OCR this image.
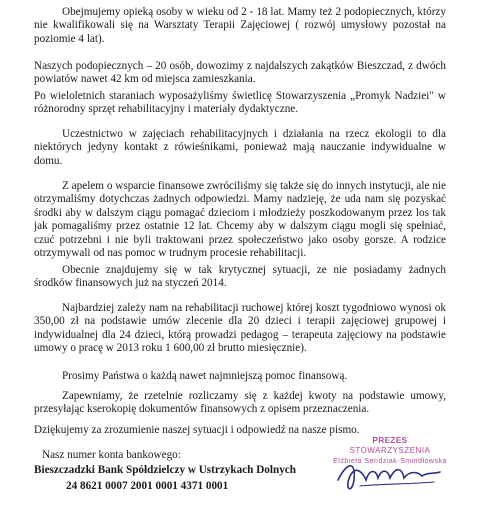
Obejmujemy opieką osoby w wieku od 2 - 18 lat. Mamy też 2 podopiecznych, którzy nie kwalifikowali się na Warsztaty Terapii Zajęciowej ( rozwój umysłowy pozostał na poziomie 4 lat).

Naszych podopiecznych – 20 osób, dowozimy z najdalszych zakątków Bieszczad, z dwóch powiatów nawet 42 km od miejsca zamieszkania.

Po wieloletnich staraniach wyposażyliśmy świetlicę Stowarzyszenia „Promyk Nadziei" w różnorodny sprzęt rehabilitacyjny i materiały dydaktyczne.

Uczestnictwo w zajęciach rehabilitacyjnych i działania na rzecz ekologii to dla niektórych jedyny kontakt z rówieśnikami, ponieważ mają nauczanie indywidualne w domu.

Z apelem o wsparcie finansowe zwróciliśmy się także się do innych instytucji, ale nie otrzymaliśmy dotychczas żadnych odpowiedzi. Mamy nadzieję, że uda nam się pozyskać środki aby w dalszym ciągu pomagać dzieciom i młodzieży poszkodowanym przez los tak jak pomagaliśmy przez ostatnie 12 lat. Chcemy aby w dalszym ciągu mogli się spełniać, czuć potrzebni i nie byli traktowani przez społeczeństwo jako osoby gorsze. A rodzice otrzymywali od nas pomoc w trudnym procesie rehabilitacji.

Obecnie znajdujemy się w tak krytycznej sytuacji, ze nie posiadamy żadnych środków finansowych już na styczeń 2014.

Najbardziej zależy nam na rehabilitacji ruchowej której koszt tygodniowo wynosi ok 350,00 zł na podstawie umów zlecenie dla 20 dzieci i terapii zajęciowej grupowej i indywidualnej dla 24 dzieci, którą prowadzi pedagog – terapeuta zajęciowy na podstawie umowy o pracę w 2013 roku 1 600,00 zł brutto miesięcznie).

Prosimy Państwa o każdą nawet najmniejszą pomoc finansową.

Zapewniamy, że rzetelnie rozliczamy się z każdej kwoty na podstawie umowy, przesyłając kserokopię dokumentów finansowych z opisem przeznaczenia.

Dziękujemy za zrozumienie naszej sytuacji i odpowiedź na nasze pismo.

Nasz numer konta bankowego:

Bieszczadzki Bank Spółdzielczy w Ustrzykach Dolnych

24 8621 0007 2001 0001 4371 0001

PREZES
STOWARZYSZENIA
Elżbieta Sendziak-Smindłowska
